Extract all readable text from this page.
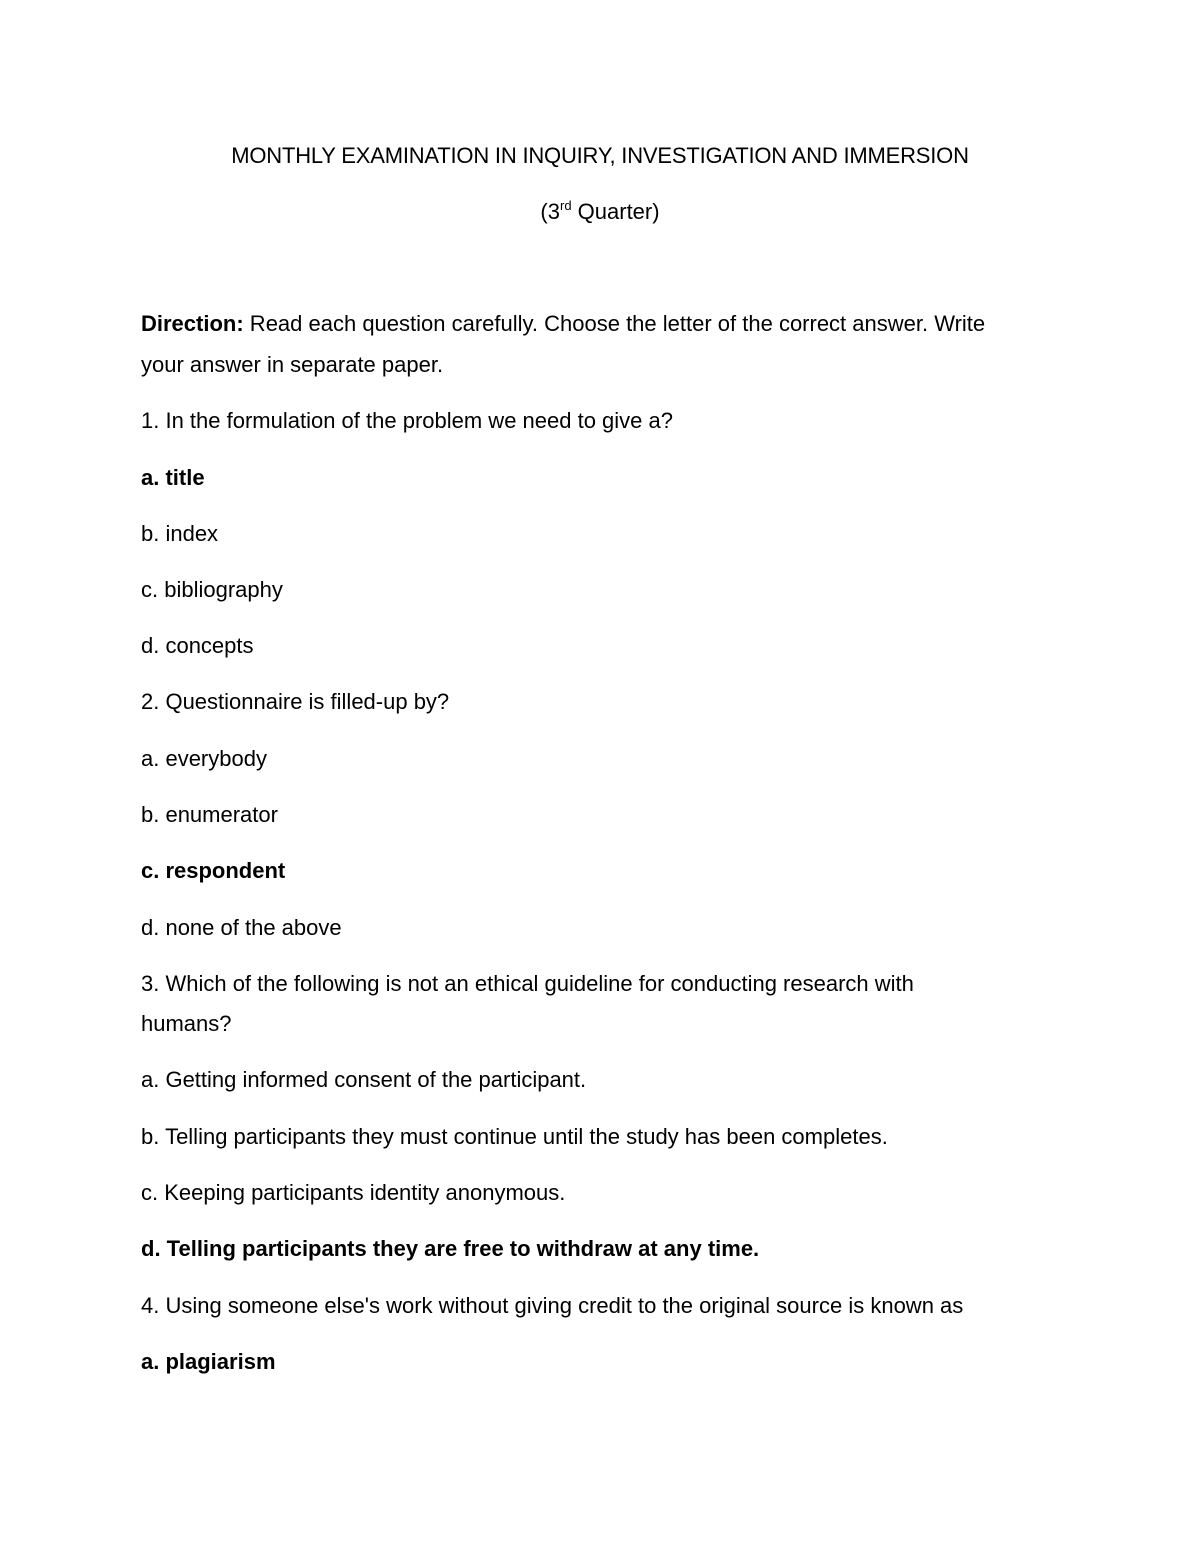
MONTHLY EXAMINATION IN INQUIRY, INVESTIGATION AND IMMERSION
(3rd Quarter)
Direction: Read each question carefully. Choose the letter of the correct answer. Write
your answer in separate paper.
1. In the formulation of the problem we need to give a?
a. title
b. index
c. bibliography
d. concepts
2. Questionnaire is filled-up by?
a. everybody
b. enumerator
c. respondent
d. none of the above
3. Which of the following is not an ethical guideline for conducting research with
humans?
a. Getting informed consent of the participant.
b. Telling participants they must continue until the study has been completes.
c. Keeping participants identity anonymous.
d. Telling participants they are free to withdraw at any time.
4. Using someone else's work without giving credit to the original source is known as
a. plagiarism
